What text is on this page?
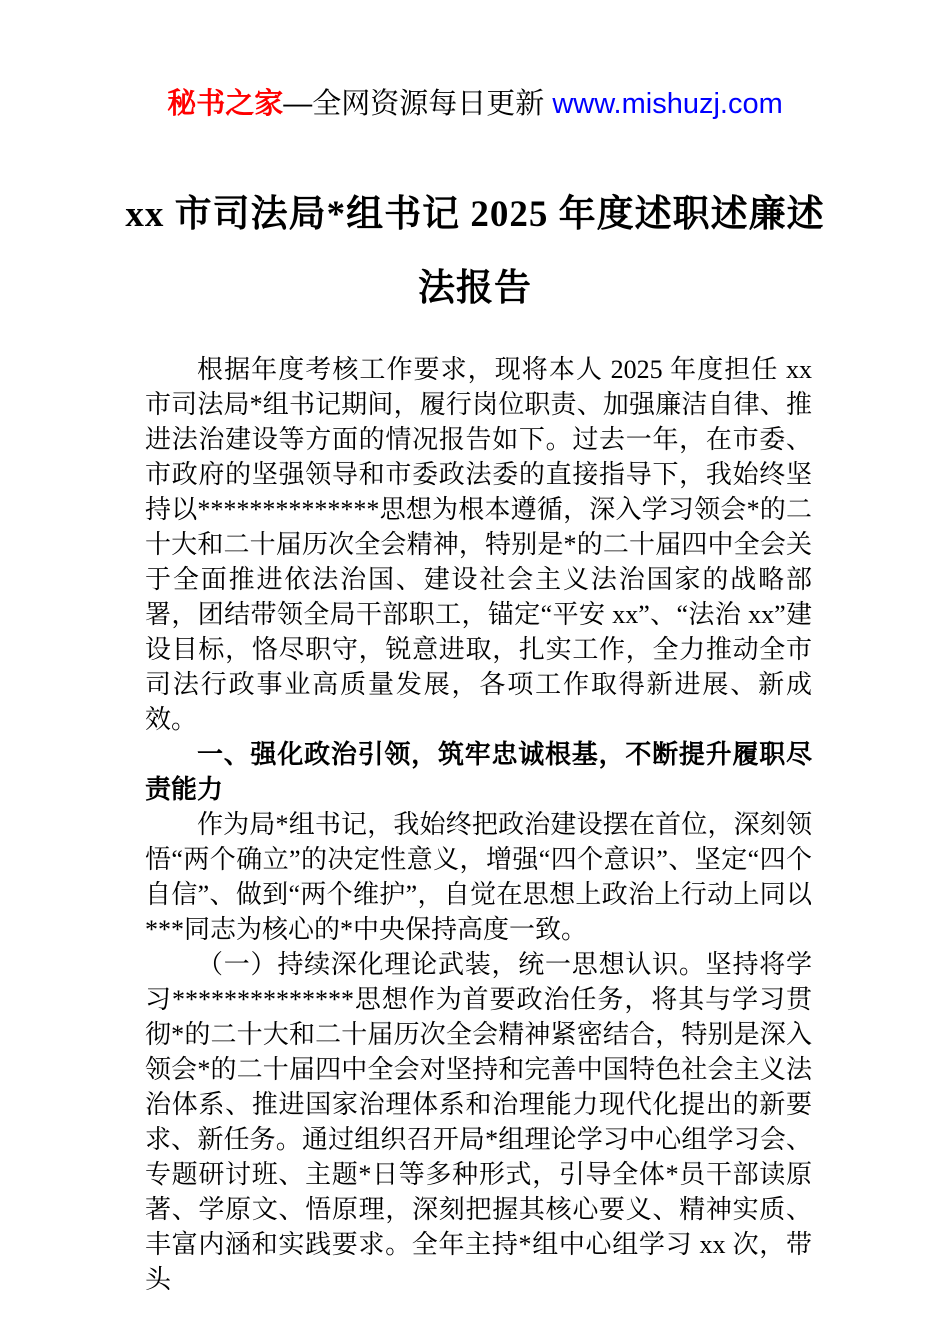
秘书之家—全网资源每日更新 www.mishuzj.com
xx 市司法局*组书记 2025 年度述职述廉述
法报告

根据年度考核工作要求，现将本人 2025 年度担任 xx 市司法局*组书记期间，履行岗位职责、加强廉洁自律、推进法治建设等方面的情况报告如下。过去一年，在市委、市政府的坚强领导和市委政法委的直接指导下，我始终坚持以**************思想为根本遵循，深入学习领会*的二十大和二十届历次全会精神，特别是*的二十届四中全会关于全面推进依法治国、建设社会主义法治国家的战略部署，团结带领全局干部职工，锚定“平安 xx”、“法治 xx”建设目标，恪尽职守，锐意进取，扎实工作，全力推动全市司法行政事业高质量发展，各项工作取得新进展、新成效。

一、强化政治引领，筑牢忠诚根基，不断提升履职尽责能力

作为局*组书记，我始终把政治建设摆在首位，深刻领悟“两个确立”的决定性意义，增强“四个意识”、坚定“四个自信”、做到“两个维护”，自觉在思想上政治上行动上同以***同志为核心的*中央保持高度一致。

（一）持续深化理论武装，统一思想认识。坚持将学习**************思想作为首要政治任务，将其与学习贯彻*的二十大和二十届历次全会精神紧密结合，特别是深入领会*的二十届四中全会对坚持和完善中国特色社会主义法治体系、推进国家治理体系和治理能力现代化提出的新要求、新任务。通过组织召开局*组理论学习中心组学习会、专题研讨班、主题*日等多种形式，引导全体*员干部读原著、学原文、悟原理，深刻把握其核心要义、精神实质、丰富内涵和实践要求。全年主持*组中心组学习 xx 次，带头
